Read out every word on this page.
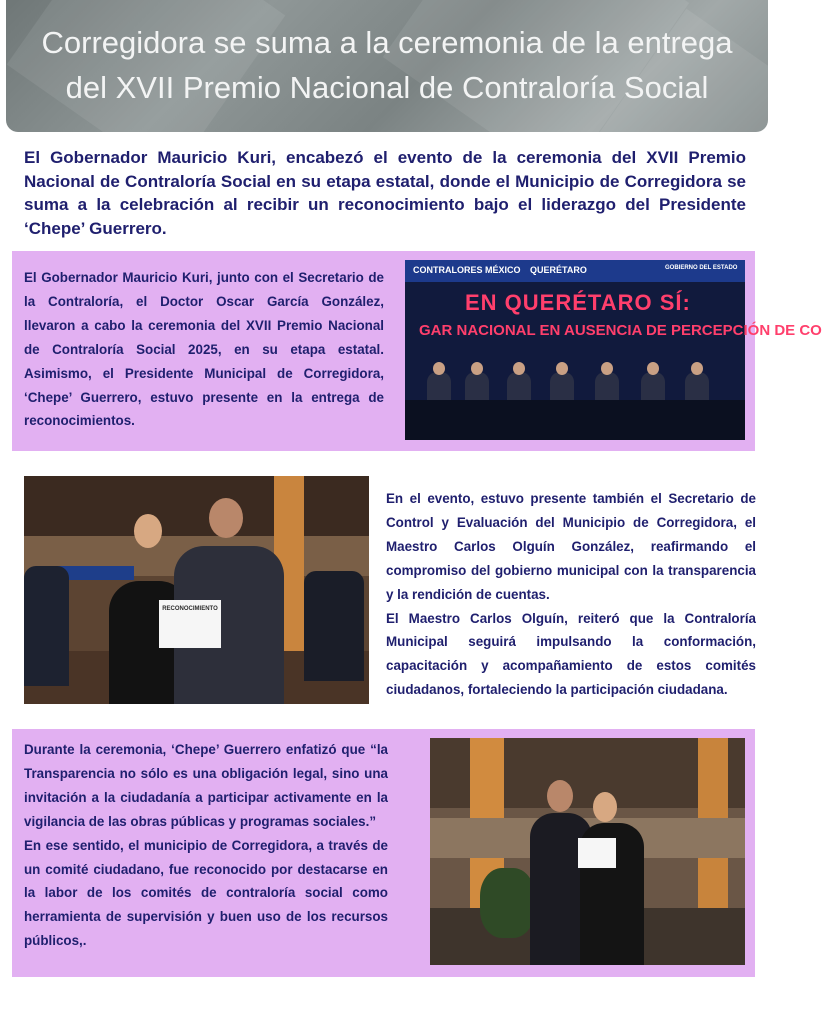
Corregidora se suma a la ceremonia de la entrega
del XVII Premio Nacional de Contraloría Social
El Gobernador Mauricio Kuri, encabezó el evento de la ceremonia del XVII Premio Nacional de Contraloría Social en su etapa estatal, donde el Municipio de Corregidora se suma a la celebración al recibir un reconocimiento bajo el liderazgo del Presidente ‘Chepe’ Guerrero.
El Gobernador Mauricio Kuri, junto con el Secretario de la Contraloría, el Doctor Oscar García González, llevaron a cabo la ceremonia del XVII Premio Nacional de Contraloría Social 2025, en su etapa estatal. Asimismo, el Presidente Municipal de Corregidora, ‘Chepe’ Guerrero, estuvo presente en la entrega de reconocimientos.
CONTRALORES MÉXICO QUERÉTARO	GOBIERNO DEL ESTADO
EN QUERÉTARO SÍ:
GAR NACIONAL EN AUSENCIA DE PERCEPCIÓN DE CO
RECONOCIMIENTO
En el evento, estuvo presente también el Secretario de Control y Evaluación del Municipio de Corregidora, el Maestro Carlos Olguín González, reafirmando el compromiso del gobierno municipal con la transparencia y la rendición de cuentas.
El Maestro Carlos Olguín, reiteró que la Contraloría Municipal seguirá impulsando la conformación, capacitación y acompañamiento de estos comités ciudadanos, fortaleciendo la participación ciudadana.
Durante la ceremonia, ‘Chepe’ Guerrero enfatizó que “la Transparencia no sólo es una obligación legal, sino una invitación a la ciudadanía a participar activamente en la vigilancia de las obras públicas y programas sociales.”
En ese sentido, el municipio de Corregidora, a través de un comité ciudadano, fue reconocido por destacarse en la labor de los comités de contraloría social como herramienta de supervisión y buen uso de los recursos públicos,.
